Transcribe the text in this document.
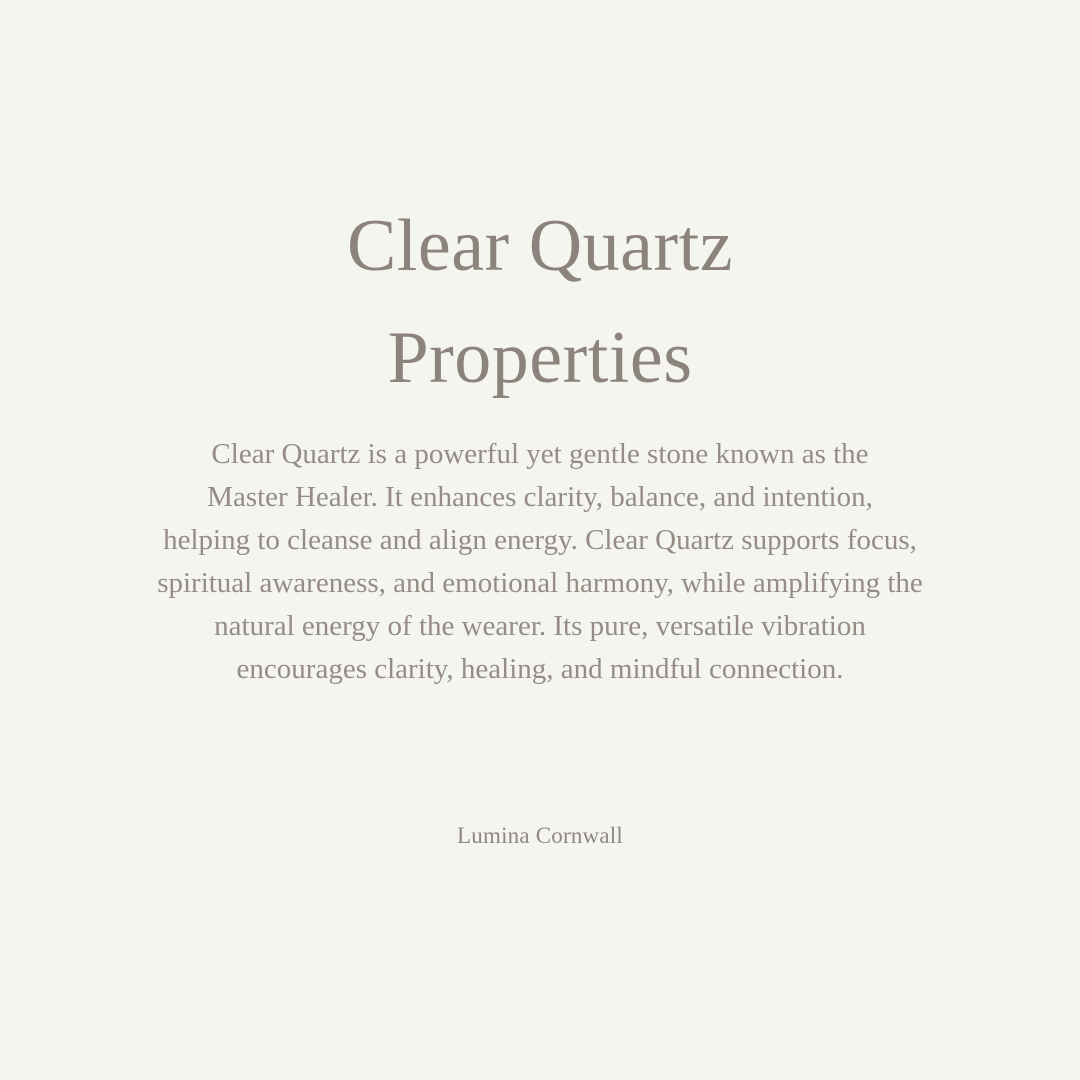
Clear Quartz
Properties
Clear Quartz is a powerful yet gentle stone known as the
Master Healer. It enhances clarity, balance, and intention,
helping to cleanse and align energy. Clear Quartz supports focus,
spiritual awareness, and emotional harmony, while amplifying the
natural energy of the wearer. Its pure, versatile vibration
encourages clarity, healing, and mindful connection.
Lumina Cornwall
